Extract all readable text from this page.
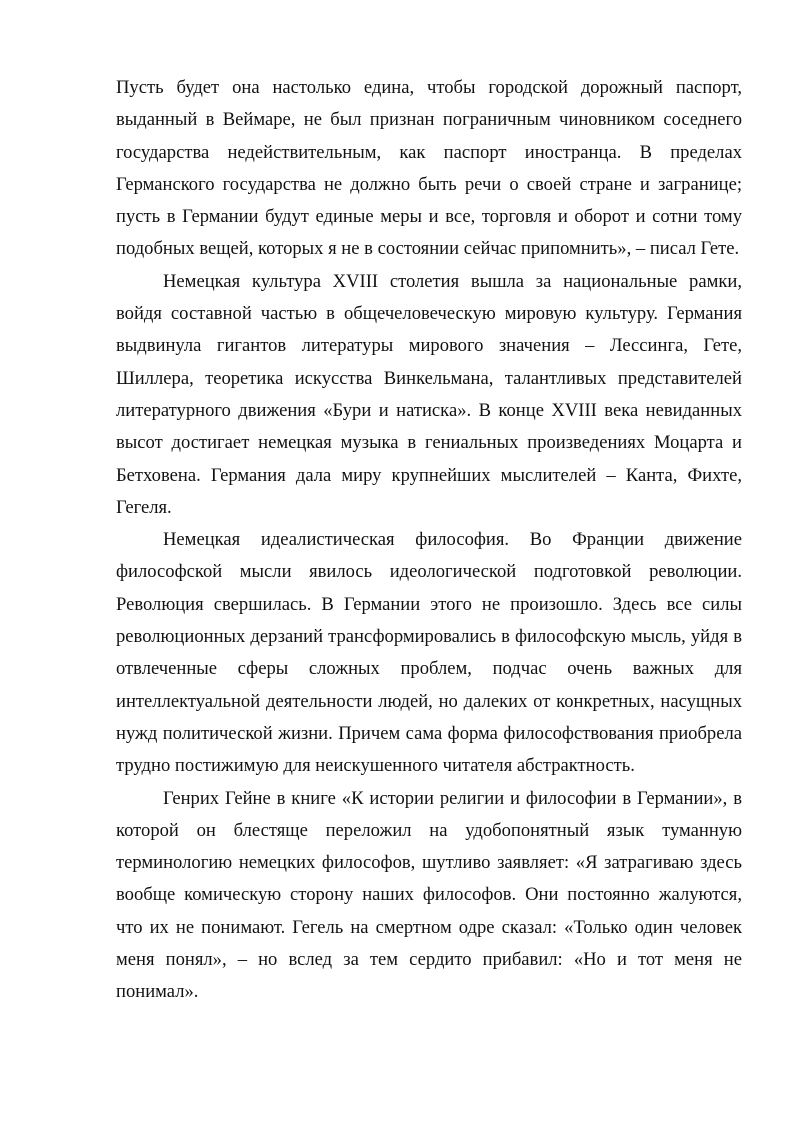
Пусть будет она настолько едина, чтобы городской дорожный паспорт, выданный в Веймаре, не был признан пограничным чиновником соседнего государства недействительным, как паспорт иностранца. В пределах Германского государства не должно быть речи о своей стране и загранице; пусть в Германии будут единые меры и все, торговля и оборот и сотни тому подобных вещей, которых я не в состоянии сейчас припомнить», – писал Гете.

Немецкая культура XVIII столетия вышла за национальные рамки, войдя составной частью в общечеловеческую мировую культуру. Германия выдвинула гигантов литературы мирового значения – Лессинга, Гете, Шиллера, теоретика искусства Винкельмана, талантливых представителей литературного движения «Бури и натиска». В конце XVIII века невиданных высот достигает немецкая музыка в гениальных произведениях Моцарта и Бетховена. Германия дала миру крупнейших мыслителей – Канта, Фихте, Гегеля.

Немецкая идеалистическая философия. Во Франции движение философской мысли явилось идеологической подготовкой революции. Революция свершилась. В Германии этого не произошло. Здесь все силы революционных дерзаний трансформировались в философскую мысль, уйдя в отвлеченные сферы сложных проблем, подчас очень важных для интеллектуальной деятельности людей, но далеких от конкретных, насущных нужд политической жизни. Причем сама форма философствования приобрела трудно постижимую для неискушенного читателя абстрактность.

Генрих Гейне в книге «К истории религии и философии в Германии», в которой он блестяще переложил на удобопонятный язык туманную терминологию немецких философов, шутливо заявляет: «Я затрагиваю здесь вообще комическую сторону наших философов. Они постоянно жалуются, что их не понимают. Гегель на смертном одре сказал: «Только один человек меня понял», – но вслед за тем сердито прибавил: «Но и тот меня не понимал».
